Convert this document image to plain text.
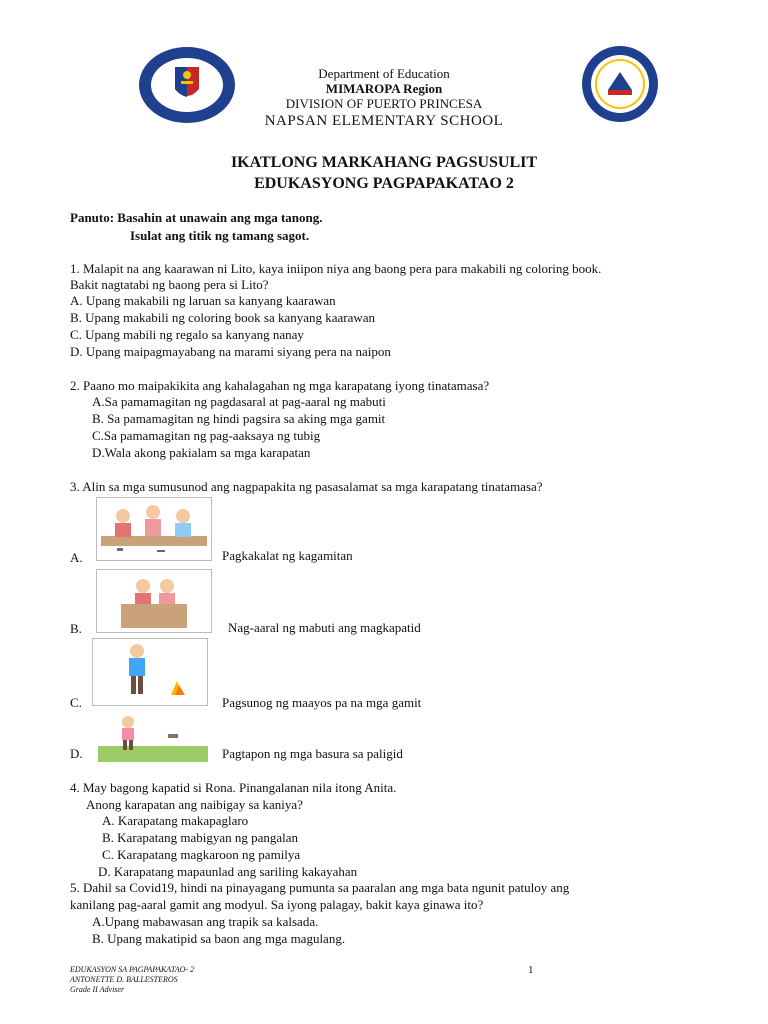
Department of Education
MIMAROPA Region
DIVISION OF PUERTO PRINCESA
NAPSAN ELEMENTARY SCHOOL
IKATLONG MARKAHANG PAGSUSULIT
EDUKASYONG PAGPAPAKATAO 2
Panuto: Basahin at unawain ang mga tanong.
Isulat ang titik ng tamang sagot.
1. Malapit na ang kaarawan ni Lito, kaya iniipon niya ang baong pera para makabili ng coloring book.
Bakit nagtatabi ng baong pera si Lito?
A. Upang makabili ng laruan sa kanyang kaarawan
B. Upang makabili ng coloring book sa kanyang kaarawan
C. Upang mabili ng regalo sa kanyang nanay
D. Upang maipagmayabang na marami siyang pera na naipon
2. Paano mo maipakikita ang kahalagahan ng mga karapatang iyong tinatamasa?
A.Sa pamamagitan ng pagdasaral at pag-aaral ng mabuti
B. Sa pamamagitan ng hindi pagsira sa aking mga gamit
C.Sa pamamagitan ng pag-aaksaya ng tubig
D.Wala akong pakialam sa mga karapatan
3. Alin sa mga sumusunod ang nagpapakita ng pasasalamat sa mga karapatang tinatamasa?
A.	Pagkakalat ng kagamitan
B.	Nag-aaral ng mabuti ang magkapatid
C.	Pagsunog ng maayos pa na mga gamit
D.	Pagtapon ng mga basura sa paligid
4. May bagong kapatid si Rona. Pinangalanan nila itong Anita.
Anong karapatan ang naibigay sa kaniya?
A. Karapatang makapaglaro
B. Karapatang mabigyan ng pangalan
C. Karapatang magkaroon ng pamilya
D. Karapatang mapaunlad ang sariling kakayahan
5. Dahil sa Covid19, hindi na pinayagang pumunta sa paaralan ang mga bata ngunit patuloy ang
kanilang pag-aaral gamit ang modyul. Sa iyong palagay, bakit kaya ginawa ito?
A.Upang mabawasan ang trapik sa kalsada.
B. Upang makatipid sa baon ang mga magulang.
EDUKASYON SA PAGPAPAKATAO- 2
ANTONETTE D. BALLESTEROS
Grade II Adviser
1
